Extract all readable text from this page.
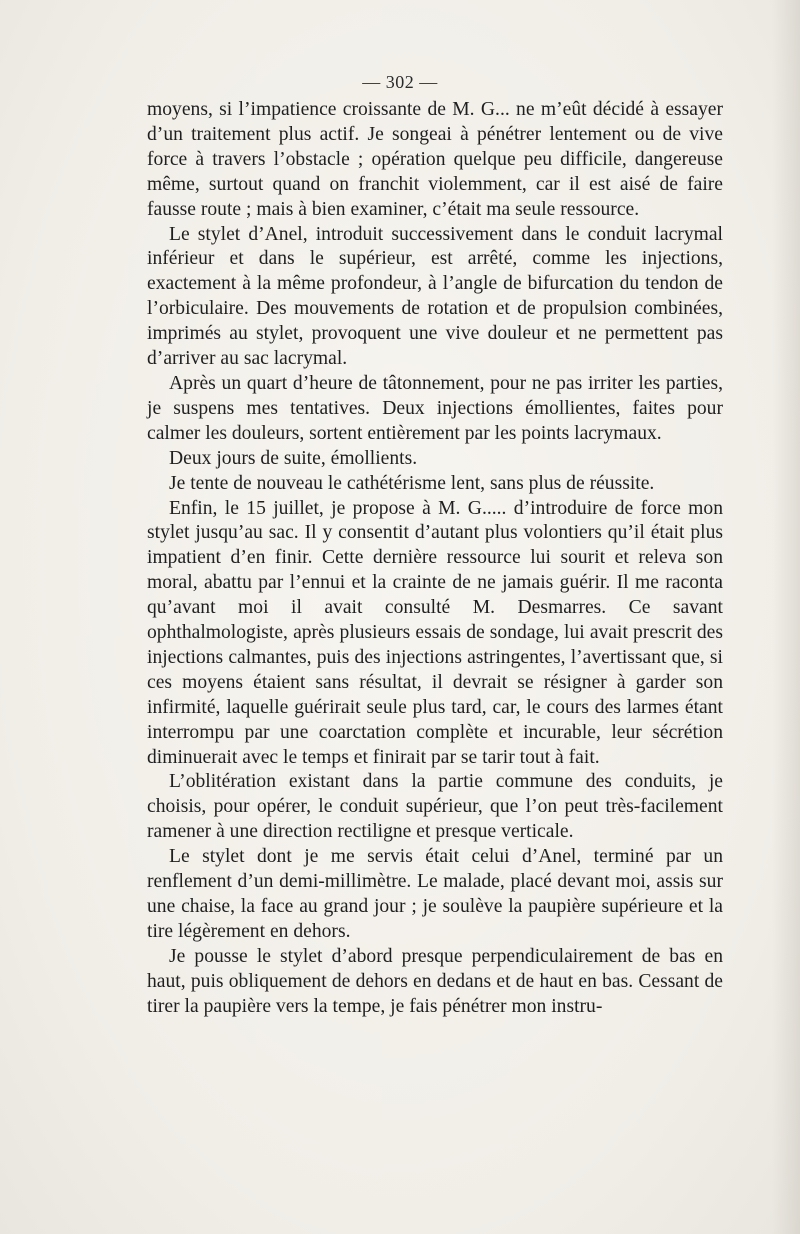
— 302 —

moyens, si l’impatience croissante de M. G... ne m’eût décidé à essayer d’un traitement plus actif. Je songeai à pénétrer lentement ou de vive force à travers l’obstacle ; opération quelque peu difficile, dangereuse même, surtout quand on franchit violemment, car il est aisé de faire fausse route ; mais à bien examiner, c’était ma seule ressource.

Le stylet d’Anel, introduit successivement dans le conduit lacrymal inférieur et dans le supérieur, est arrêté, comme les injections, exactement à la même profondeur, à l’angle de bifurcation du tendon de l’orbiculaire. Des mouvements de rotation et de propulsion combinées, imprimés au stylet, provoquent une vive douleur et ne permettent pas d’arriver au sac lacrymal.

Après un quart d’heure de tâtonnement, pour ne pas irriter les parties, je suspens mes tentatives. Deux injections émollientes, faites pour calmer les douleurs, sortent entièrement par les points lacrymaux.

Deux jours de suite, émollients.

Je tente de nouveau le cathétérisme lent, sans plus de réussite.

Enfin, le 15 juillet, je propose à M. G..... d’introduire de force mon stylet jusqu’au sac. Il y consentit d’autant plus volontiers qu’il était plus impatient d’en finir. Cette dernière ressource lui sourit et releva son moral, abattu par l’ennui et la crainte de ne jamais guérir. Il me raconta qu’avant moi il avait consulté M. Desmarres. Ce savant ophthalmologiste, après plusieurs essais de sondage, lui avait prescrit des injections calmantes, puis des injections astringentes, l’avertissant que, si ces moyens étaient sans résultat, il devrait se résigner à garder son infirmité, laquelle guérirait seule plus tard, car, le cours des larmes étant interrompu par une coarctation complète et incurable, leur sécrétion diminuerait avec le temps et finirait par se tarir tout à fait.

L’oblitération existant dans la partie commune des conduits, je choisis, pour opérer, le conduit supérieur, que l’on peut très-facilement ramener à une direction rectiligne et presque verticale.

Le stylet dont je me servis était celui d’Anel, terminé par un renflement d’un demi-millimètre. Le malade, placé devant moi, assis sur une chaise, la face au grand jour ; je soulève la paupière supérieure et la tire légèrement en dehors.

Je pousse le stylet d’abord presque perpendiculairement de bas en haut, puis obliquement de dehors en dedans et de haut en bas. Cessant de tirer la paupière vers la tempe, je fais pénétrer mon instru-
